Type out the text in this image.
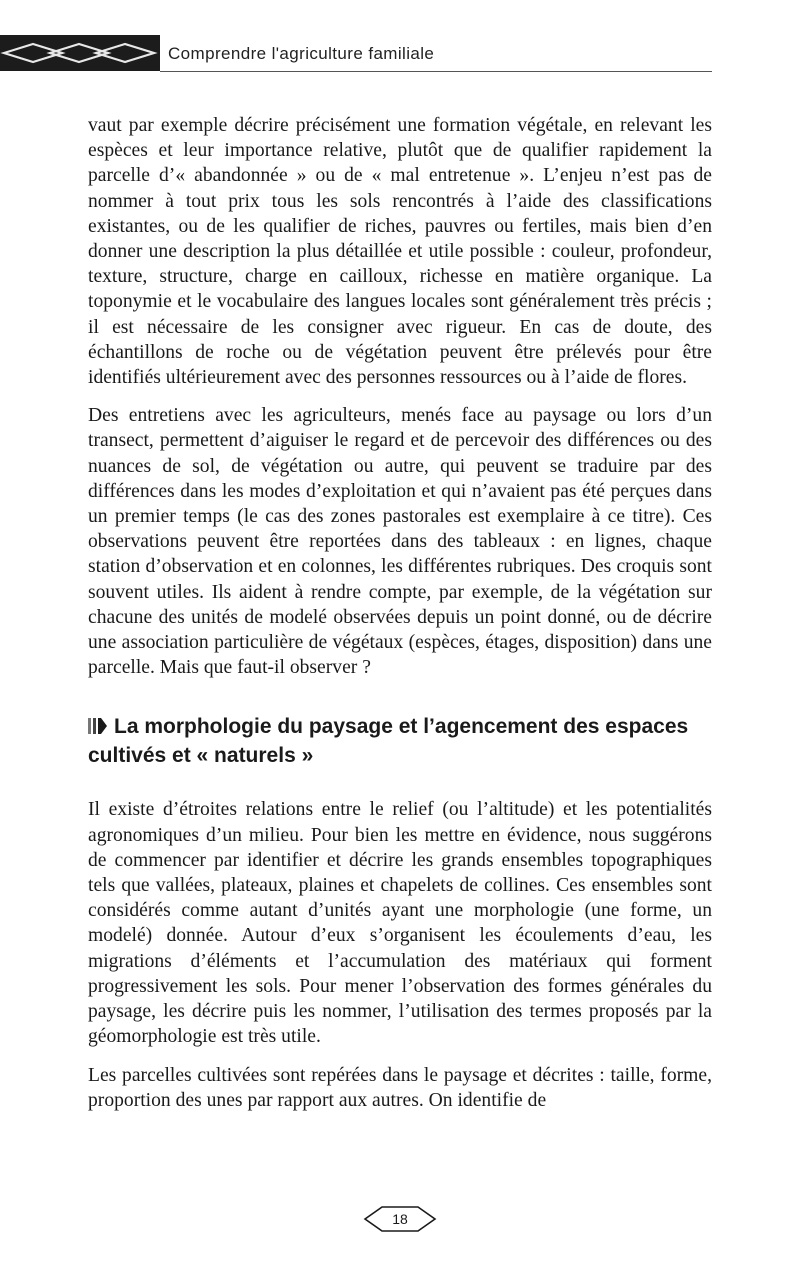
Comprendre l'agriculture familiale

vaut par exemple décrire précisément une formation végétale, en relevant les espèces et leur importance relative, plutôt que de qualifier rapidement la parcelle d’« abandonnée » ou de « mal entretenue ». L’enjeu n’est pas de nommer à tout prix tous les sols rencontrés à l’aide des classifications existantes, ou de les qualifier de riches, pauvres ou fertiles, mais bien d’en donner une description la plus détaillée et utile possible : couleur, profondeur, texture, structure, charge en cailloux, richesse en matière organique. La toponymie et le vocabulaire des langues locales sont généralement très précis ; il est nécessaire de les consigner avec rigueur. En cas de doute, des échantillons de roche ou de végétation peuvent être prélevés pour être identifiés ultérieurement avec des personnes ressources ou à l’aide de flores.

Des entretiens avec les agriculteurs, menés face au paysage ou lors d’un transect, permettent d’aiguiser le regard et de percevoir des différences ou des nuances de sol, de végétation ou autre, qui peuvent se traduire par des différences dans les modes d’exploitation et qui n’avaient pas été perçues dans un premier temps (le cas des zones pastorales est exemplaire à ce titre). Ces observations peuvent être reportées dans des tableaux : en lignes, chaque station d’observation et en colonnes, les différentes rubriques. Des croquis sont souvent utiles. Ils aident à rendre compte, par exemple, de la végétation sur chacune des unités de modelé observées depuis un point donné, ou de décrire une association particulière de végétaux (espèces, étages, disposition) dans une parcelle. Mais que faut-il observer ?

La morphologie du paysage et l’agencement des espaces cultivés et « naturels »

Il existe d’étroites relations entre le relief (ou l’altitude) et les potentialités agronomiques d’un milieu. Pour bien les mettre en évidence, nous suggérons de commencer par identifier et décrire les grands ensembles topographiques tels que vallées, plateaux, plaines et chapelets de collines. Ces ensembles sont considérés comme autant d’unités ayant une morphologie (une forme, un modelé) donnée. Autour d’eux s’organisent les écoulements d’eau, les migrations d’éléments et l’accumulation des matériaux qui forment progressivement les sols. Pour mener l’observation des formes générales du paysage, les décrire puis les nommer, l’utilisation des termes proposés par la géomorphologie est très utile.

Les parcelles cultivées sont repérées dans le paysage et décrites : taille, forme, proportion des unes par rapport aux autres. On identifie de

18
